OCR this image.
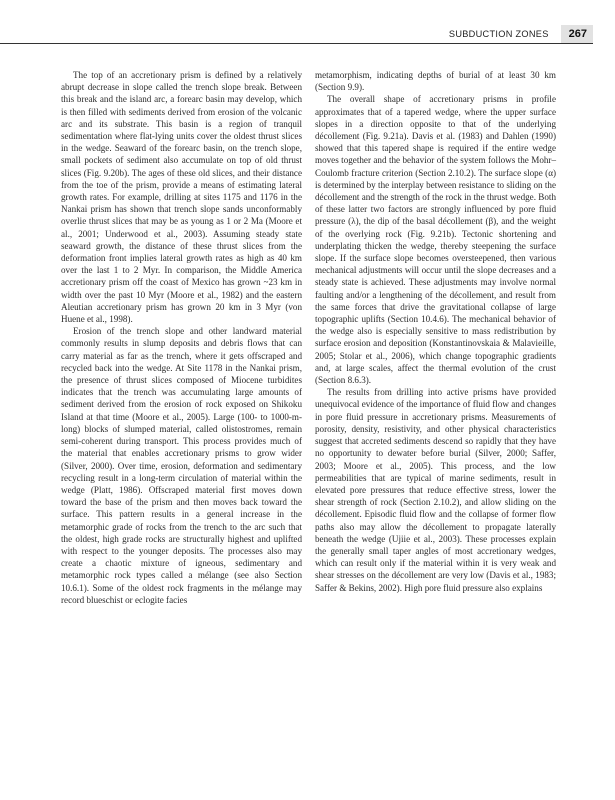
SUBDUCTION ZONES	267

The top of an accretionary prism is defined by a relatively abrupt decrease in slope called the trench slope break. Between this break and the island arc, a forearc basin may develop, which is then filled with sediments derived from erosion of the volcanic arc and its substrate. This basin is a region of tranquil sedimentation where flat-lying units cover the oldest thrust slices in the wedge. Seaward of the forearc basin, on the trench slope, small pockets of sediment also accumulate on top of old thrust slices (Fig. 9.20b). The ages of these old slices, and their distance from the toe of the prism, provide a means of estimating lateral growth rates. For example, drilling at sites 1175 and 1176 in the Nankai prism has shown that trench slope sands unconformably overlie thrust slices that may be as young as 1 or 2 Ma (Moore et al., 2001; Underwood et al., 2003). Assuming steady state seaward growth, the distance of these thrust slices from the deformation front implies lateral growth rates as high as 40 km over the last 1 to 2 Myr. In comparison, the Middle America accretionary prism off the coast of Mexico has grown ~23 km in width over the past 10 Myr (Moore et al., 1982) and the eastern Aleutian accretionary prism has grown 20 km in 3 Myr (von Huene et al., 1998).

Erosion of the trench slope and other landward material commonly results in slump deposits and debris flows that can carry material as far as the trench, where it gets offscraped and recycled back into the wedge. At Site 1178 in the Nankai prism, the presence of thrust slices composed of Miocene turbidites indicates that the trench was accumulating large amounts of sediment derived from the erosion of rock exposed on Shikoku Island at that time (Moore et al., 2005). Large (100- to 1000-m-long) blocks of slumped material, called olistostromes, remain semi-coherent during transport. This process provides much of the material that enables accretionary prisms to grow wider (Silver, 2000). Over time, erosion, deformation and sedimentary recycling result in a long-term circulation of material within the wedge (Platt, 1986). Offscraped material first moves down toward the base of the prism and then moves back toward the surface. This pattern results in a general increase in the metamorphic grade of rocks from the trench to the arc such that the oldest, high grade rocks are structurally highest and uplifted with respect to the younger deposits. The processes also may create a chaotic mixture of igneous, sedimentary and metamorphic rock types called a mélange (see also Section 10.6.1). Some of the oldest rock fragments in the mélange may record blueschist or eclogite facies

metamorphism, indicating depths of burial of at least 30 km (Section 9.9).

The overall shape of accretionary prisms in profile approximates that of a tapered wedge, where the upper surface slopes in a direction opposite to that of the underlying décollement (Fig. 9.21a). Davis et al. (1983) and Dahlen (1990) showed that this tapered shape is required if the entire wedge moves together and the behavior of the system follows the Mohr–Coulomb fracture criterion (Section 2.10.2). The surface slope (α) is determined by the interplay between resistance to sliding on the décollement and the strength of the rock in the thrust wedge. Both of these latter two factors are strongly influenced by pore fluid pressure (λ), the dip of the basal décollement (β), and the weight of the overlying rock (Fig. 9.21b). Tectonic shortening and underplating thicken the wedge, thereby steepening the surface slope. If the surface slope becomes oversteepened, then various mechanical adjustments will occur until the slope decreases and a steady state is achieved. These adjustments may involve normal faulting and/or a lengthening of the décollement, and result from the same forces that drive the gravitational collapse of large topographic uplifts (Section 10.4.6). The mechanical behavior of the wedge also is especially sensitive to mass redistribution by surface erosion and deposition (Konstantinovskaia & Malavieille, 2005; Stolar et al., 2006), which change topographic gradients and, at large scales, affect the thermal evolution of the crust (Section 8.6.3).

The results from drilling into active prisms have provided unequivocal evidence of the importance of fluid flow and changes in pore fluid pressure in accretionary prisms. Measurements of porosity, density, resistivity, and other physical characteristics suggest that accreted sediments descend so rapidly that they have no opportunity to dewater before burial (Silver, 2000; Saffer, 2003; Moore et al., 2005). This process, and the low permeabilities that are typical of marine sediments, result in elevated pore pressures that reduce effective stress, lower the shear strength of rock (Section 2.10.2), and allow sliding on the décollement. Episodic fluid flow and the collapse of former flow paths also may allow the décollement to propagate laterally beneath the wedge (Ujiie et al., 2003). These processes explain the generally small taper angles of most accretionary wedges, which can result only if the material within it is very weak and shear stresses on the décollement are very low (Davis et al., 1983; Saffer & Bekins, 2002). High pore fluid pressure also explains
